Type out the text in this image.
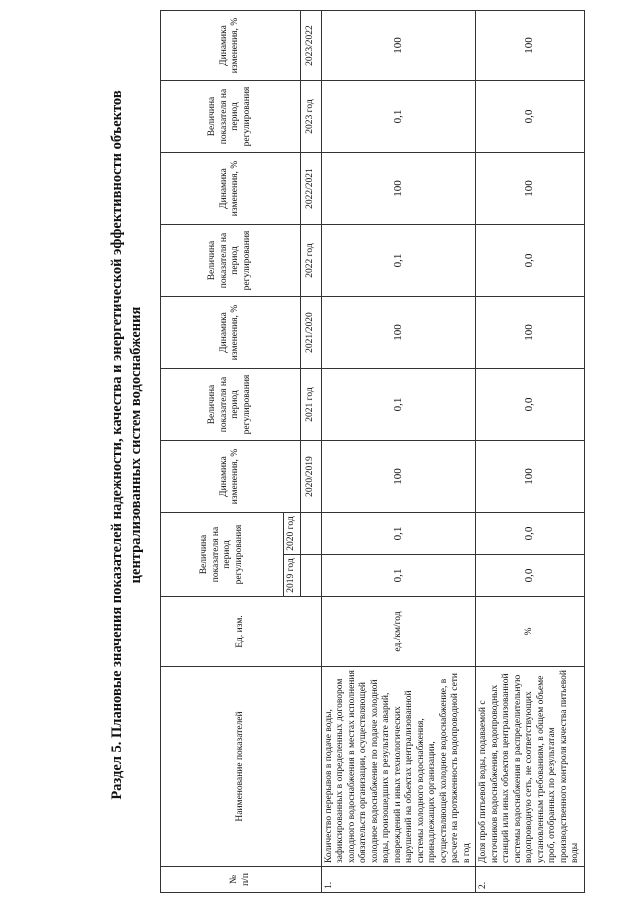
Раздел 5. Плановые значения показателей надежности, качества и энергетической эффективности объектов централизованных систем водоснабжения
№ п/п	Наименование показателей	Ед. изм.	Величина показателя на период регулирования		Динамика изменения, %	Величина показателя на период регулирования	Динамика изменения, %	Величина показателя на период регулирования	Динамика изменения, %	Величина показателя на период регулирования	Динамика изменения, %
			2019 год	2020 год							
					2020/2019	2021 год	2021/2020	2022 год	2022/2021	2023 год	2023/2022
1.	Количество перерывов в подаче воды, зафиксированных в определенных договором холодного водоснабжения в местах исполнения обязательств организации, осуществляющей холодное водоснабжение по подаче холодной воды, произошедших в результате аварий, повреждений и иных технологических нарушений на объектах централизованной системы холодного водоснабжения, принадлежащих организации, осуществляющей холодное водоснабжение, в расчете на протяженность водопроводной сети в год	ед./км/год	0,1	0,1	100	0,1	100	0,1	100	0,1	100
2.	Доля проб питьевой воды, подаваемой с источников водоснабжения, водопроводных станций или иных объектов централизованной системы водоснабжения в распределительную водопроводную сеть, не соответствующих установленным требованиям, в общем объеме проб, отобранных по результатам производственного контроля качества питьевой воды	%	0,0	0,0	100	0,0	100	0,0	100	0,0	100
